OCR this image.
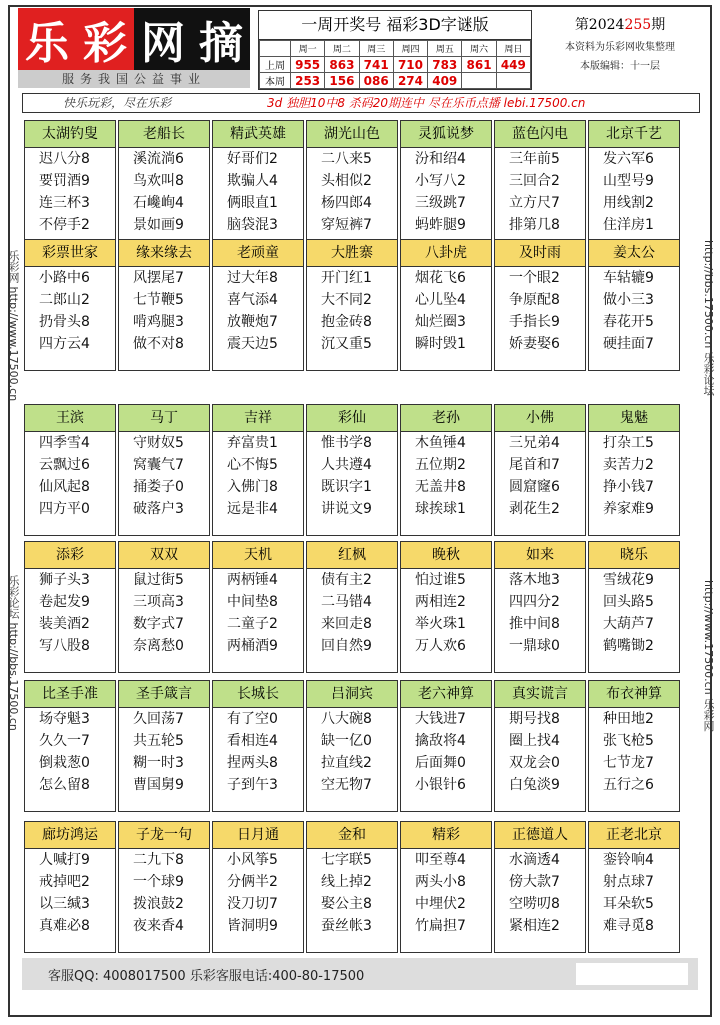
乐 彩 网 摘
服务我国公益事业
一周开奖号 福彩3D字谜版
	周一	周二	周三	周四	周五	周六	周日
上周	955	863	741	710	783	861	449
本周	253	156	086	274	409		
第2024255期
本资料为乐彩网收集整理
本版编辑：十一层
快乐玩彩，尽在乐彩	3d 独胆10中8 杀码20期连中 尽在乐币点播 lebi.17500.cn
乐彩网 http://www.17500.cn
乐彩论坛 http://bbs.17500.cn
http://bbs.17500.cn 乐彩论坛
http://www.17500.cn 乐彩网
太湖钓叟
迟八分8
要罚酒9
连三杯3
不停手2
老船长
溪流淌6
鸟欢叫8
石巉峋4
景如画9
精武英雄
好哥们2
欺骗人4
俩眼直1
脑袋混3
湖光山色
二八来5
头相似2
杨四郎4
穿短裤7
灵狐说梦
汾和绍4
小写八2
三级跳7
蚂蚱腿9
蓝色闪电
三年前5
三回合2
立方尺7
排第几8
北京千艺
发六军6
山型号9
用线割2
住洋房1
彩票世家
小路中6
二郎山2
扔骨头8
四方云4
缘来缘去
风摆尾7
七节鞭5
啃鸡腿3
做不对8
老顽童
过大年8
喜气添4
放鞭炮7
震天边5
大胜寨
开门红1
大不同2
抱金砖8
沉又重5
八卦虎
烟花飞6
心儿坠4
灿烂圈3
瞬时毁1
及时雨
一个眼2
争原配8
手指长9
娇妻娶6
姜太公
车轱辘9
做小三3
春花开5
硬挂面7
王滨
四季雪4
云飘过6
仙风起8
四方平0
马丁
守财奴5
窝囊气7
捅娄子0
破落户3
吉祥
弃富贵1
心不悔5
入佛门8
远是非4
彩仙
惟书学8
人共遵4
既识字1
讲说文9
老孙
木鱼锤4
五位期2
无盖井8
球挨球1
小佛
三兄弟4
尾首和7
圆窟窿6
剥花生2
鬼魅
打杂工5
卖苦力2
挣小钱7
养家难9
添彩
狮子头3
卷起发9
装美酒2
写八股8
双双
鼠过街5
三项高3
数字式7
奈离愁0
天机
两柄锤4
中间垫8
二童子2
两桶酒9
红枫
债有主2
二马错4
来回走8
回自然9
晚秋
怕过谁5
两相连2
举火珠1
万人欢6
如来
落木地3
四四分2
推中间8
一鼎球0
晓乐
雪绒花9
回头路5
大葫芦7
鹤嘴锄2
比圣手准
场夺魁3
久久一7
倒栽葱0
怎么留8
圣手箴言
久回荡7
共五轮5
糊一时3
曹国舅9
长城长
有了空0
看相连4
捏两头8
子到午3
吕洞宾
八大碗8
缺一亿0
拉直线2
空无物7
老六神算
大钱进7
擒敌将4
后面舞0
小银针6
真实谎言
期号找8
圈上找4
双龙会0
白兔淡9
布衣神算
种田地2
张飞枪5
七节龙7
五行之6
廊坊鸿运
人喊打9
戒掉吧2
以三缄3
真难必8
子龙一句
二九下8
一个球9
拨浪鼓2
夜来香4
日月通
小风筝5
分俩半2
没刀切7
皆洞明9
金和
七字联5
线上掉2
娶公主8
蚕丝帐3
精彩
叩至尊4
两头小8
中埋伏2
竹扁担7
正德道人
水滴透4
傍大款7
空唠叨8
紧相连2
正老北京
銮铃响4
射点球7
耳朵软5
难寻觅8
客服QQ: 4008017500 乐彩客服电话:400-80-17500
